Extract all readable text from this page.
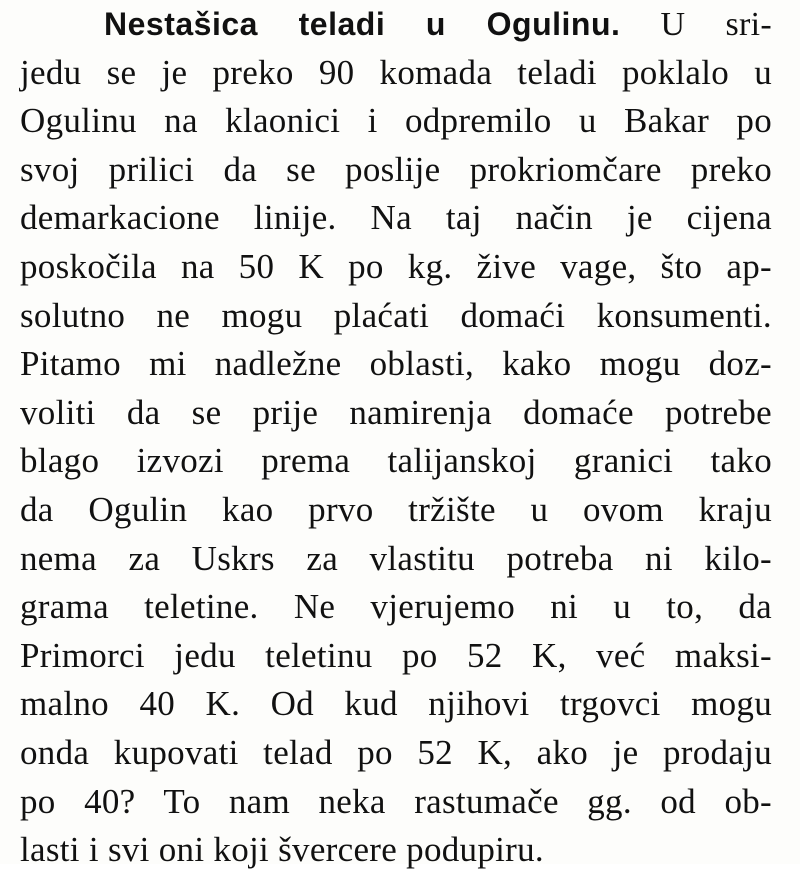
Nestašica teladi u Ogulinu. U sri-
jedu se je preko 90 komada teladi poklalo u
Ogulinu na klaonici i odpremilo u Bakar po
svoj prilici da se poslije prokriomčare preko
demarkacione linije. Na taj način je cijena
poskočila na 50 K po kg. žive vage, što ap-
solutno ne mogu plaćati domaći konsumenti.
Pitamo mi nadležne oblasti, kako mogu doz-
voliti da se prije namirenja domaće potrebe
blago izvozi prema talijanskoj granici tako
da Ogulin kao prvo tržište u ovom kraju
nema za Uskrs za vlastitu potreba ni kilo-
grama teletine. Ne vjerujemo ni u to, da
Primorci jedu teletinu po 52 K, već maksi-
malno 40 K. Od kud njihovi trgovci mogu
onda kupovati telad po 52 K, ako je prodaju
po 40? To nam neka rastumače gg. od ob-
lasti i svi oni koji švercere podupiru.
